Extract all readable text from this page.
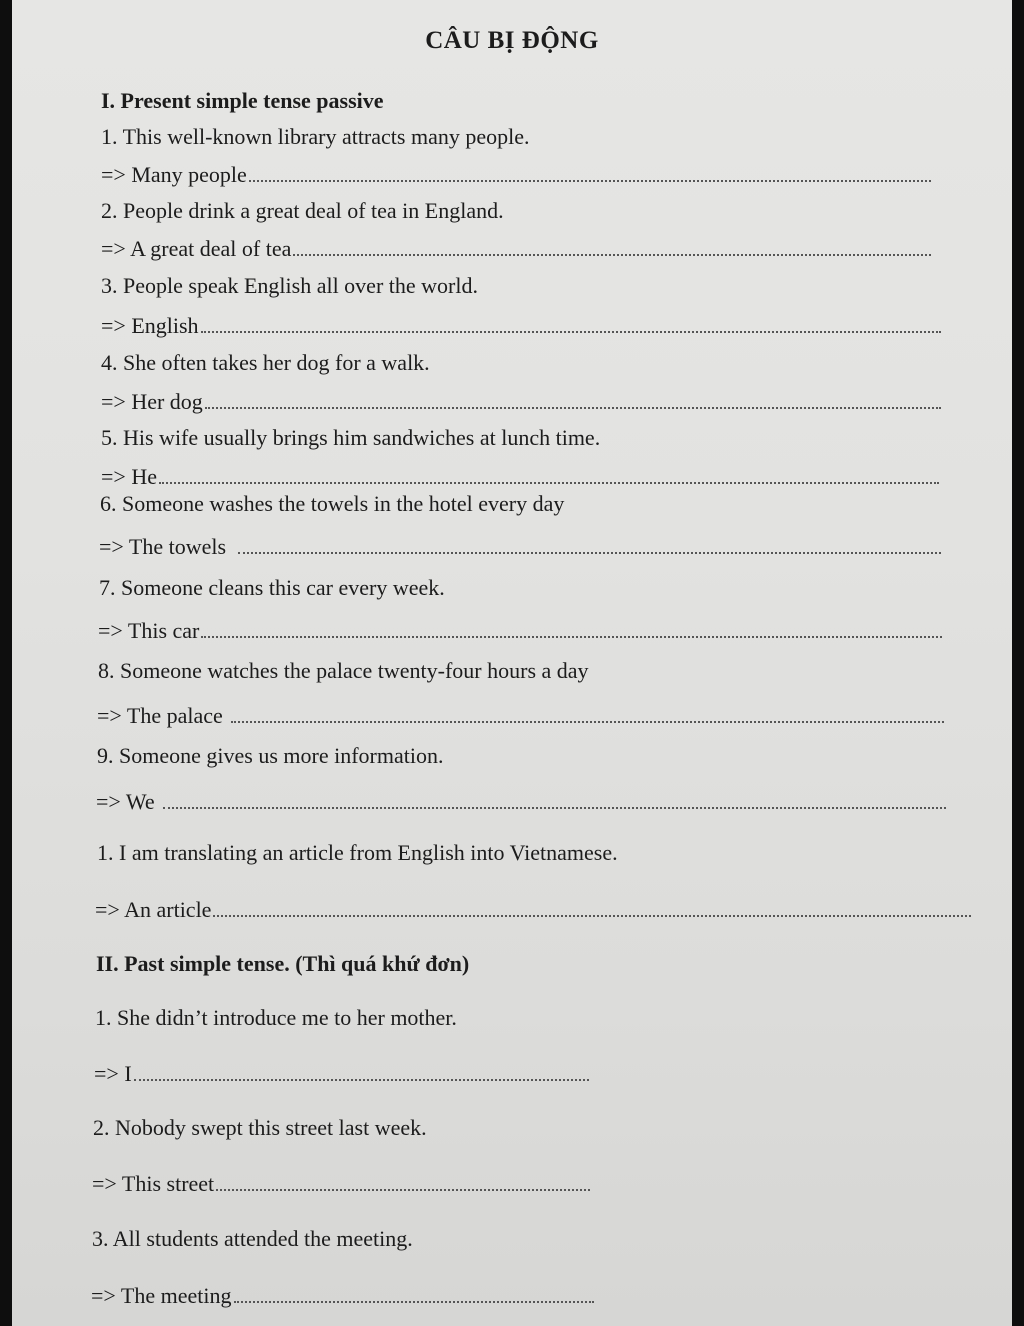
CÂU BỊ ĐỘNG
I. Present simple tense passive
1. This well-known library attracts many people.
=> Many people
2. People drink a great deal of tea in England.
=> A great deal of tea
3. People speak English all over the world.
=> English
4. She often takes her dog for a walk.
=> Her dog
5. His wife usually brings him sandwiches at lunch time.
=> He
6. Someone washes the towels in the hotel every day
=> The towels
7. Someone cleans this car every week.
=> This car
8. Someone watches the palace twenty-four hours a day
=> The palace
9. Someone gives us more information.
=> We
1. I am translating an article from English into Vietnamese.
=> An article
II. Past simple tense. (Thì quá khứ đơn)
1. She didn’t introduce me to her mother.
=> I
2. Nobody swept this street last week.
=> This street
3. All students attended the meeting.
=> The meeting
